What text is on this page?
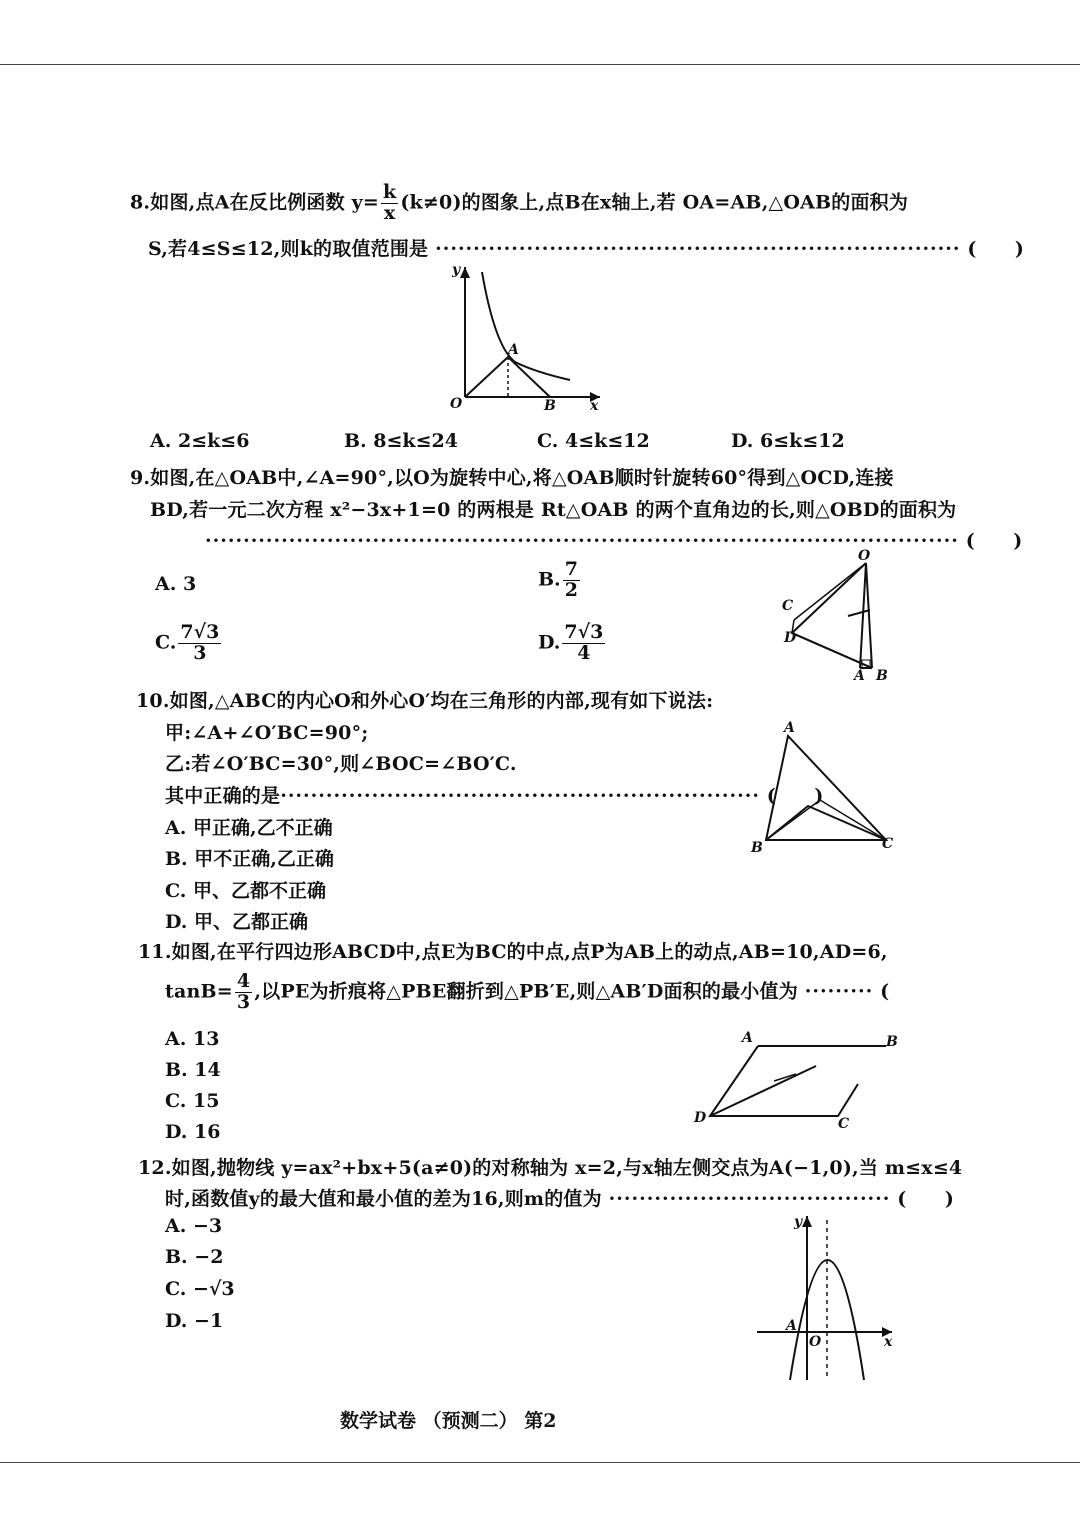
8.如图,点A在反比例函数 $y= \frac{k}{x} (k\ne 0)$的图象上,点B在x轴上,若 OA=AB,△OAB的面积为
S,若4≤S≤12,则k的取值范围是 ····································································· (　　)
y
x
O
A
B
A. 2≤k≤6	B. 8≤k≤24	C. 4≤k≤12	D. 6≤k≤12
9.如图,在△OAB中,∠A=90°,以O为旋转中心,将△OAB顺时针旋转60°得到△OCD,连接
BD,若一元二次方程 x²−3x+1=0 的两根是 Rt△OAB 的两个直角边的长,则△OBD的面积为
··································································································· (　　)
A. 3	B. $\frac{7}{2}$
C. $\frac{7√3}{3}$	D. $\frac{7√3}{4}$
O
C
D
A B
10.如图,△ABC的内心O和外心O′均在三角形的内部,现有如下说法:
甲:∠A+∠O′BC=90°;
乙:若∠O′BC=30°,则∠BOC=∠BO′C.
其中正确的是······························································· (　　)
A. 甲正确,乙不正确
B. 甲不正确,乙正确
C. 甲、乙都不正确
D. 甲、乙都正确
A
B	C
11.如图,在平行四边形ABCD中,点E为BC的中点,点P为AB上的动点,AB=10,AD=6,
$\tan B= \frac{4}{3}$ ,以PE为折痕将△PBE翻折到△PB′E,则△AB′D面积的最小值为 ········· (
A. 13
B. 14
C. 15
D. 16
A	B
C
D
12.如图,抛物线 y=ax²+bx+5(a≠0)的对称轴为 x=2,与x轴左侧交点为A(−1,0),当 m≤x≤4
时,函数值y的最大值和最小值的差为16,则m的值为 ····································· (　　)
A. −3
B. −2
C. −√3
D. −1
y
x
O
A
数学试卷 （预测二） 第2
